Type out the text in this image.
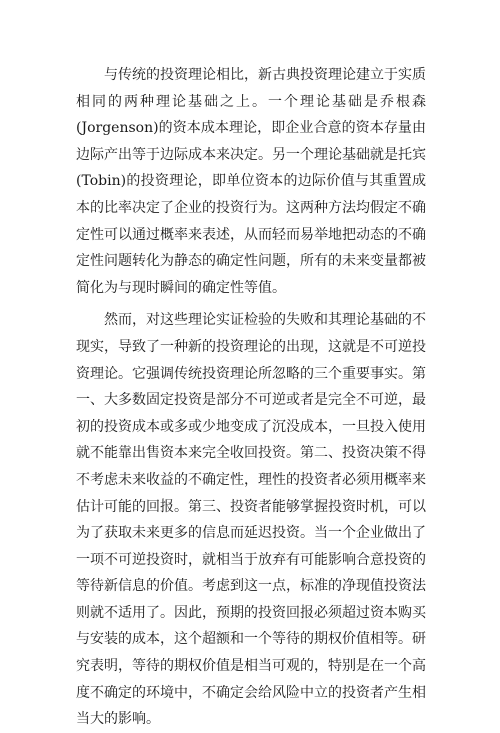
与传统的投资理论相比，新古典投资理论建立于实质相同的两种理论基础之上。一个理论基础是乔根森(Jorgenson)的资本成本理论，即企业合意的资本存量由边际产出等于边际成本来决定。另一个理论基础就是托宾(Tobin)的投资理论，即单位资本的边际价值与其重置成本的比率决定了企业的投资行为。这两种方法均假定不确定性可以通过概率来表述，从而轻而易举地把动态的不确定性问题转化为静态的确定性问题，所有的未来变量都被简化为与现时瞬间的确定性等值。

然而，对这些理论实证检验的失败和其理论基础的不现实，导致了一种新的投资理论的出现，这就是不可逆投资理论。它强调传统投资理论所忽略的三个重要事实。第一、大多数固定投资是部分不可逆或者是完全不可逆，最初的投资成本或多或少地变成了沉没成本，一旦投入使用就不能靠出售资本来完全收回投资。第二、投资决策不得不考虑未来收益的不确定性，理性的投资者必须用概率来估计可能的回报。第三、投资者能够掌握投资时机，可以为了获取未来更多的信息而延迟投资。当一个企业做出了一项不可逆投资时，就相当于放弃有可能影响合意投资的等待新信息的价值。考虑到这一点，标准的净现值投资法则就不适用了。因此，预期的投资回报必须超过资本购买与安装的成本，这个超额和一个等待的期权价值相等。研究表明，等待的期权价值是相当可观的，特别是在一个高度不确定的环境中，不确定会给风险中立的投资者产生相当大的影响。
